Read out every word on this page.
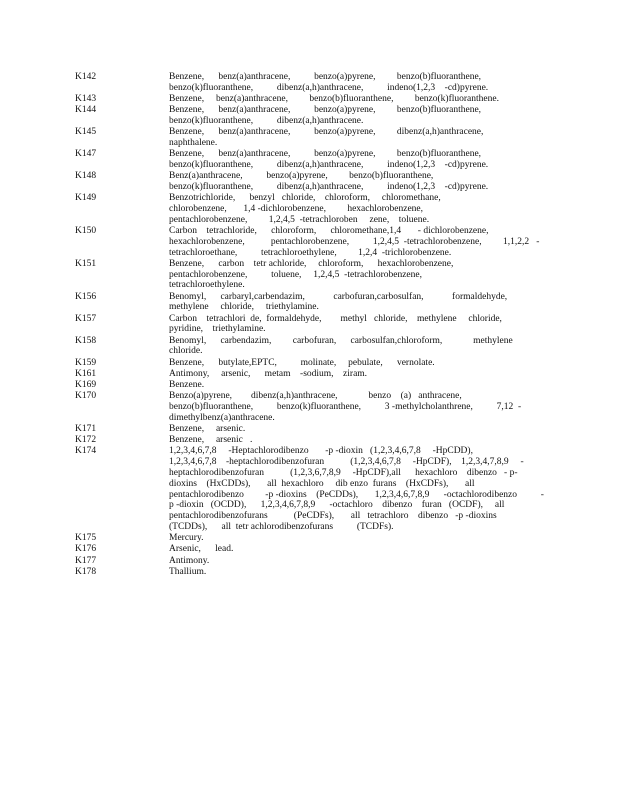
K142	Benzene,      benz(a)anthracene,          benzo(a)pyrene,         benzo(b)fluoranthene,
benzo(k)fluoranthene,          dibenz(a,h)anthracene,          indeno(1,2,3    -cd)pyrene.
K143	Benzene,     benz(a)anthracene,         benzo(b)fluoranthene,         benzo(k)fluoranthene.
K144	Benzene,      benz(a)anthracene,          benzo(a)pyrene,         benzo(b)fluoranthene,
benzo(k)fluoranthene,          dibenz(a,h)anthracene.
K145	Benzene,      benz(a)anthracene,          benzo(a)pyrene,         dibenz(a,h)anthracene,
naphthalene.
K147	Benzene,      benz(a)anthracene,          benzo(a)pyrene,         benzo(b)fluoranthene,
benzo(k)fluoranthene,          dibenz(a,h)anthracene,          indeno(1,2,3    -cd)pyrene.
K148	Benz(a)anthracene,          benzo(a)pyrene,         benzo(b)fluoranthene,
benzo(k)fluoranthene,          dibenz(a,h)anthracene,          indeno(1,2,3    -cd)pyrene.
K149	Benzotrichloride,      benzyl   chloride,    chloroform,     chloromethane,
chlorobenzene,       1,4 -dichlorobenzene,         hexachlorobenzene,
pentachlorobenzene,         1,2,4,5  -tetrachloroben     zene,    toluene.
K150	Carbon    tetrachloride,      chloroform,      chloromethane,1,4       - dichlorobenzene,
hexachlorobenzene,           pentachlorobenzene,          1,2,4,5  -tetrachlorobenzene,         1,1,2,2   -
tetrachloroethane,          tetrachloroethylene,         1,2,4  -trichlorobenzene.
K151	Benzene,      carbon    tetr achloride,     chloroform,      hexachlorobenzene,
pentachlorobenzene,          toluene,     1,2,4,5  -tetrachlorobenzene,
tetrachloroethylene.
K156	Benomyl,      carbaryl,carbendazim,            carbofuran,carbosulfan,            formaldehyde,
methylene     chloride,     triethylamine.
K157	Carbon    tetrachlori  de,  formaldehyde,        methyl   chloride,    methylene     chloride,
pyridine,    triethylamine.
K158	Benomyl,      carbendazim,         carbofuran,      carbosulfan,chloroform,             methylene
chloride.
K159	Benzene,      butylate,EPTC,          molinate,     pebulate,      vernolate.
K161	Antimony,     arsenic,      metam    -sodium,    ziram.
K169	Benzene.
K170	Benzo(a)pyrene,        dibenz(a,h)anthracene,             benzo    (a)   anthracene,
benzo(b)fluoranthene,          benzo(k)fluoranthene,          3 -methylcholanthrene,          7,12  -
dimethylbenz(a)anthracene.
K171	Benzene,     arsenic.
K172	Benzene,     arsenic   .
K174	1,2,3,4,6,7,8     -Heptachlorodibenzo       -p -dioxin   (1,2,3,4,6,7,8     -HpCDD),
1,2,3,4,6,7,8    -heptachlorodibenzofuran           (1,2,3,4,6,7,8     -HpCDF),    1,2,3,4,7,8,9     -
heptachlorodibenzofuran           (1,2,3,6,7,8,9     -HpCDF),all      hexachloro    dibenzo   - p-
dioxins    (HxCDDs),       all  hexachloro     dib enzo  furans    (HxCDFs),       all
pentachlorodibenzo         -p -dioxins    (PeCDDs),       1,2,3,4,6,7,8,9      -octachlorodibenzo          -
p -dioxin   (OCDD),      1,2,3,4,6,7,8,9      -octachloro    dibenzo    furan   (OCDF),     all
pentachlorodibenzofurans           (PeCDFs),       all   tetrachloro    dibenzo   -p -dioxins
(TCDDs),      all  tetr achlorodibenzofurans          (TCDFs).
K175	Mercury.
K176	Arsenic,      lead.
K177	Antimony.
K178	Thallium.
